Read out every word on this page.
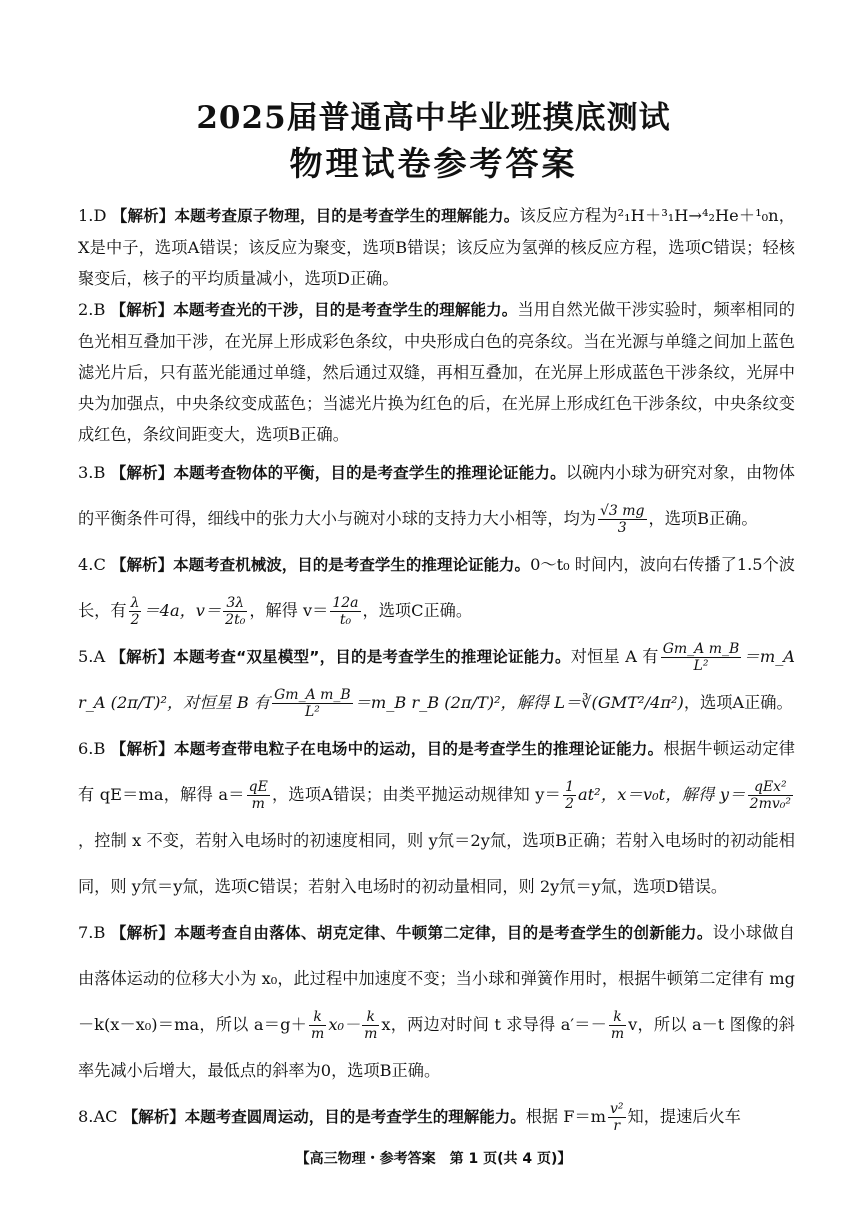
2025届普通高中毕业班摸底测试
物理试卷参考答案

1.D 【解析】本题考查原子物理，目的是考查学生的理解能力。该反应方程为²₁H＋³₁H→⁴₂He＋¹₀n，X是中子，选项A错误；该反应为聚变，选项B错误；该反应为氢弹的核反应方程，选项C错误；轻核聚变后，核子的平均质量减小，选项D正确。

2.B 【解析】本题考查光的干涉，目的是考查学生的理解能力。当用自然光做干涉实验时，频率相同的色光相互叠加干涉，在光屏上形成彩色条纹，中央形成白色的亮条纹。当在光源与单缝之间加上蓝色滤光片后，只有蓝光能通过单缝，然后通过双缝，再相互叠加，在光屏上形成蓝色干涉条纹，光屏中央为加强点，中央条纹变成蓝色；当滤光片换为红色的后，在光屏上形成红色干涉条纹，中央条纹变成红色，条纹间距变大，选项B正确。

3.B 【解析】本题考查物体的平衡，目的是考查学生的推理论证能力。以碗内小球为研究对象，由物体的平衡条件可得，细线中的张力大小与碗对小球的支持力大小相等，均为 $\frac{√3 mg}{3}$ ，选项B正确。

4.C 【解析】本题考查机械波，目的是考查学生的推理论证能力。0～t₀ 时间内，波向右传播了1.5个波长，有 $\frac{\lambda}{2} =4a$，$v= \frac{3\lambda}{\text{2t₀}}$ ，解得 $v= \frac{12a}{\text{t₀}}$ ，选项C正确。

5.A 【解析】本题考查“双星模型”，目的是考查学生的推理论证能力。对恒星 A 有 $\frac{\text{Gm\_A m\_B}}{\text{L²}}$ ＝m_A r_A (2π/T)²，对恒星 B 有 $\frac{\text{Gm\_A m\_B}}{\text{L²}}$ ＝m_B r_B (2π/T)²，解得 L＝∛(GMT²/4π²)，选项A正确。

6.B 【解析】本题考查带电粒子在电场中的运动，目的是考查学生的推理论证能力。根据牛顿运动定律有 qE＝ma，解得 $a= \frac{qE}{m}$ ，选项A错误；由类平抛运动规律知 $y= \frac{1}{2} at^2$，x＝v₀t，解得 $y= \frac{\text{qEx²}}{\text{2mv₀²}}$
，控制 x 不变，若射入电场时的初速度相同，则 y氘＝2y氚，选项B正确；若射入电场时的初动能相同，则 y氘＝y氚，选项C错误；若射入电场时的初动量相同，则 2y氘＝y氚，选项D错误。

7.B 【解析】本题考查自由落体、胡克定律、牛顿第二定律，目的是考查学生的创新能力。设小球做自由落体运动的位移大小为 x₀，此过程中加速度不变；当小球和弹簧作用时，根据牛顿第二定律有 mg－k(x－x₀)＝ma，所以 $a=g+ \frac{k}{m} x_0- \frac{k}{m}$ x，两边对时间 t 求导得 $a'=- \frac{k}{m}$ v，所以 a－t 图像的斜率先减小后增大，最低点的斜率为0，选项B正确。

8.AC 【解析】本题考查圆周运动，目的是考查学生的理解能力。根据 $F=m \frac{\text{v²}}{r}$ 知，提速后火车

【高三物理・参考答案　第 1 页(共 4 页)】
